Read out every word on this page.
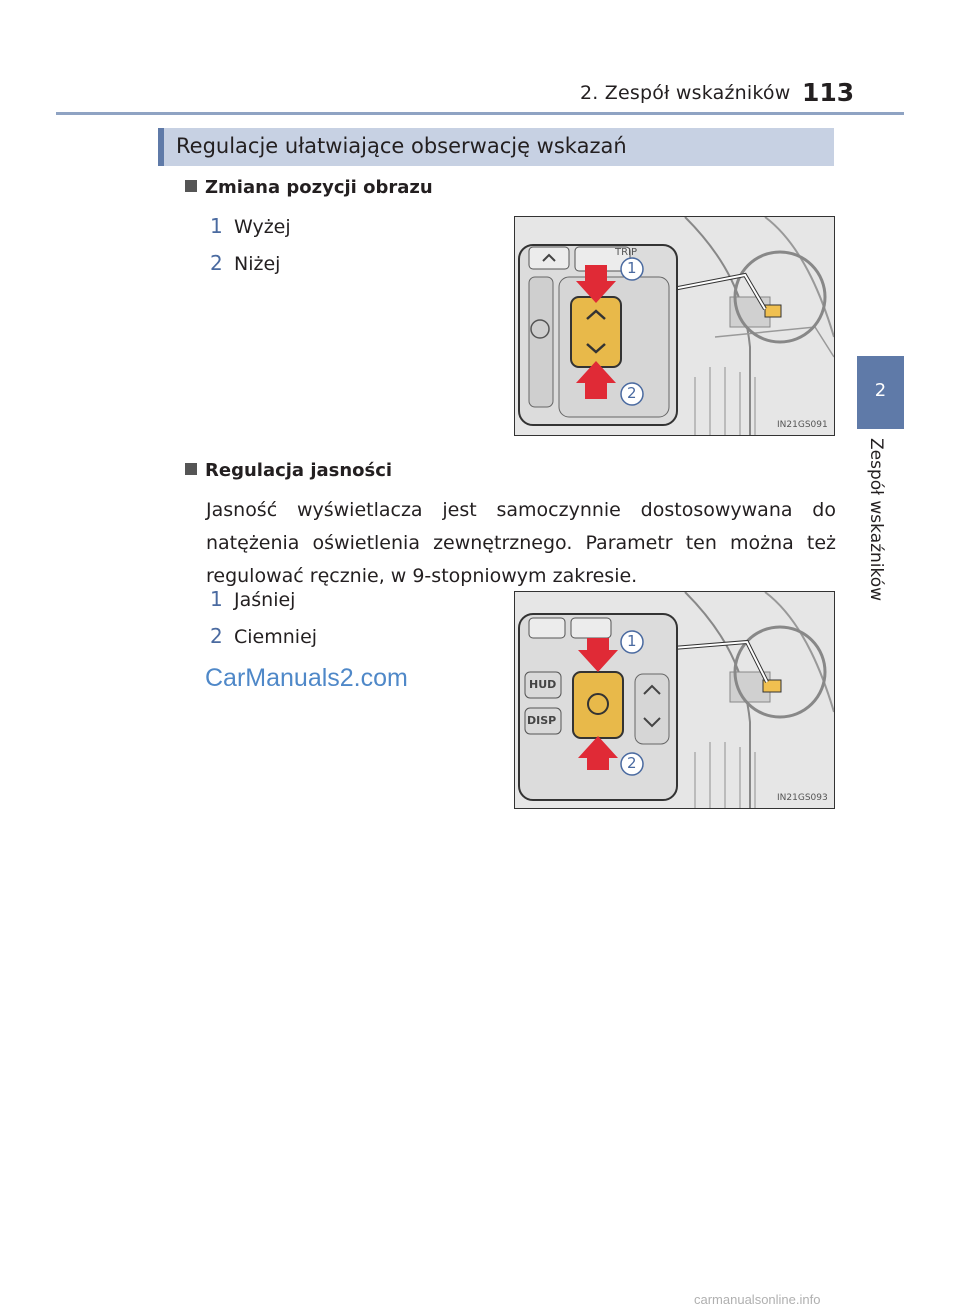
2. Zespół wskaźników 113
2
Zespół wskaźników
Regulacje ułatwiające obserwację wskazań
Zmiana pozycji obrazu
1 Wyżej
2 Niżej
TRIP
1
2
IN21GS091
Regulacja jasności
Jasność wyświetlacza jest samoczynnie dostosowywana do natężenia oświetlenia zewnętrznego. Parametr ten można też regulować ręcznie, w 9-stopniowym zakresie.
1 Jaśniej
2 Ciemniej
HUD
DISP
1
2
IN21GS093
CarManuals2.com
carmanualsonline.info
